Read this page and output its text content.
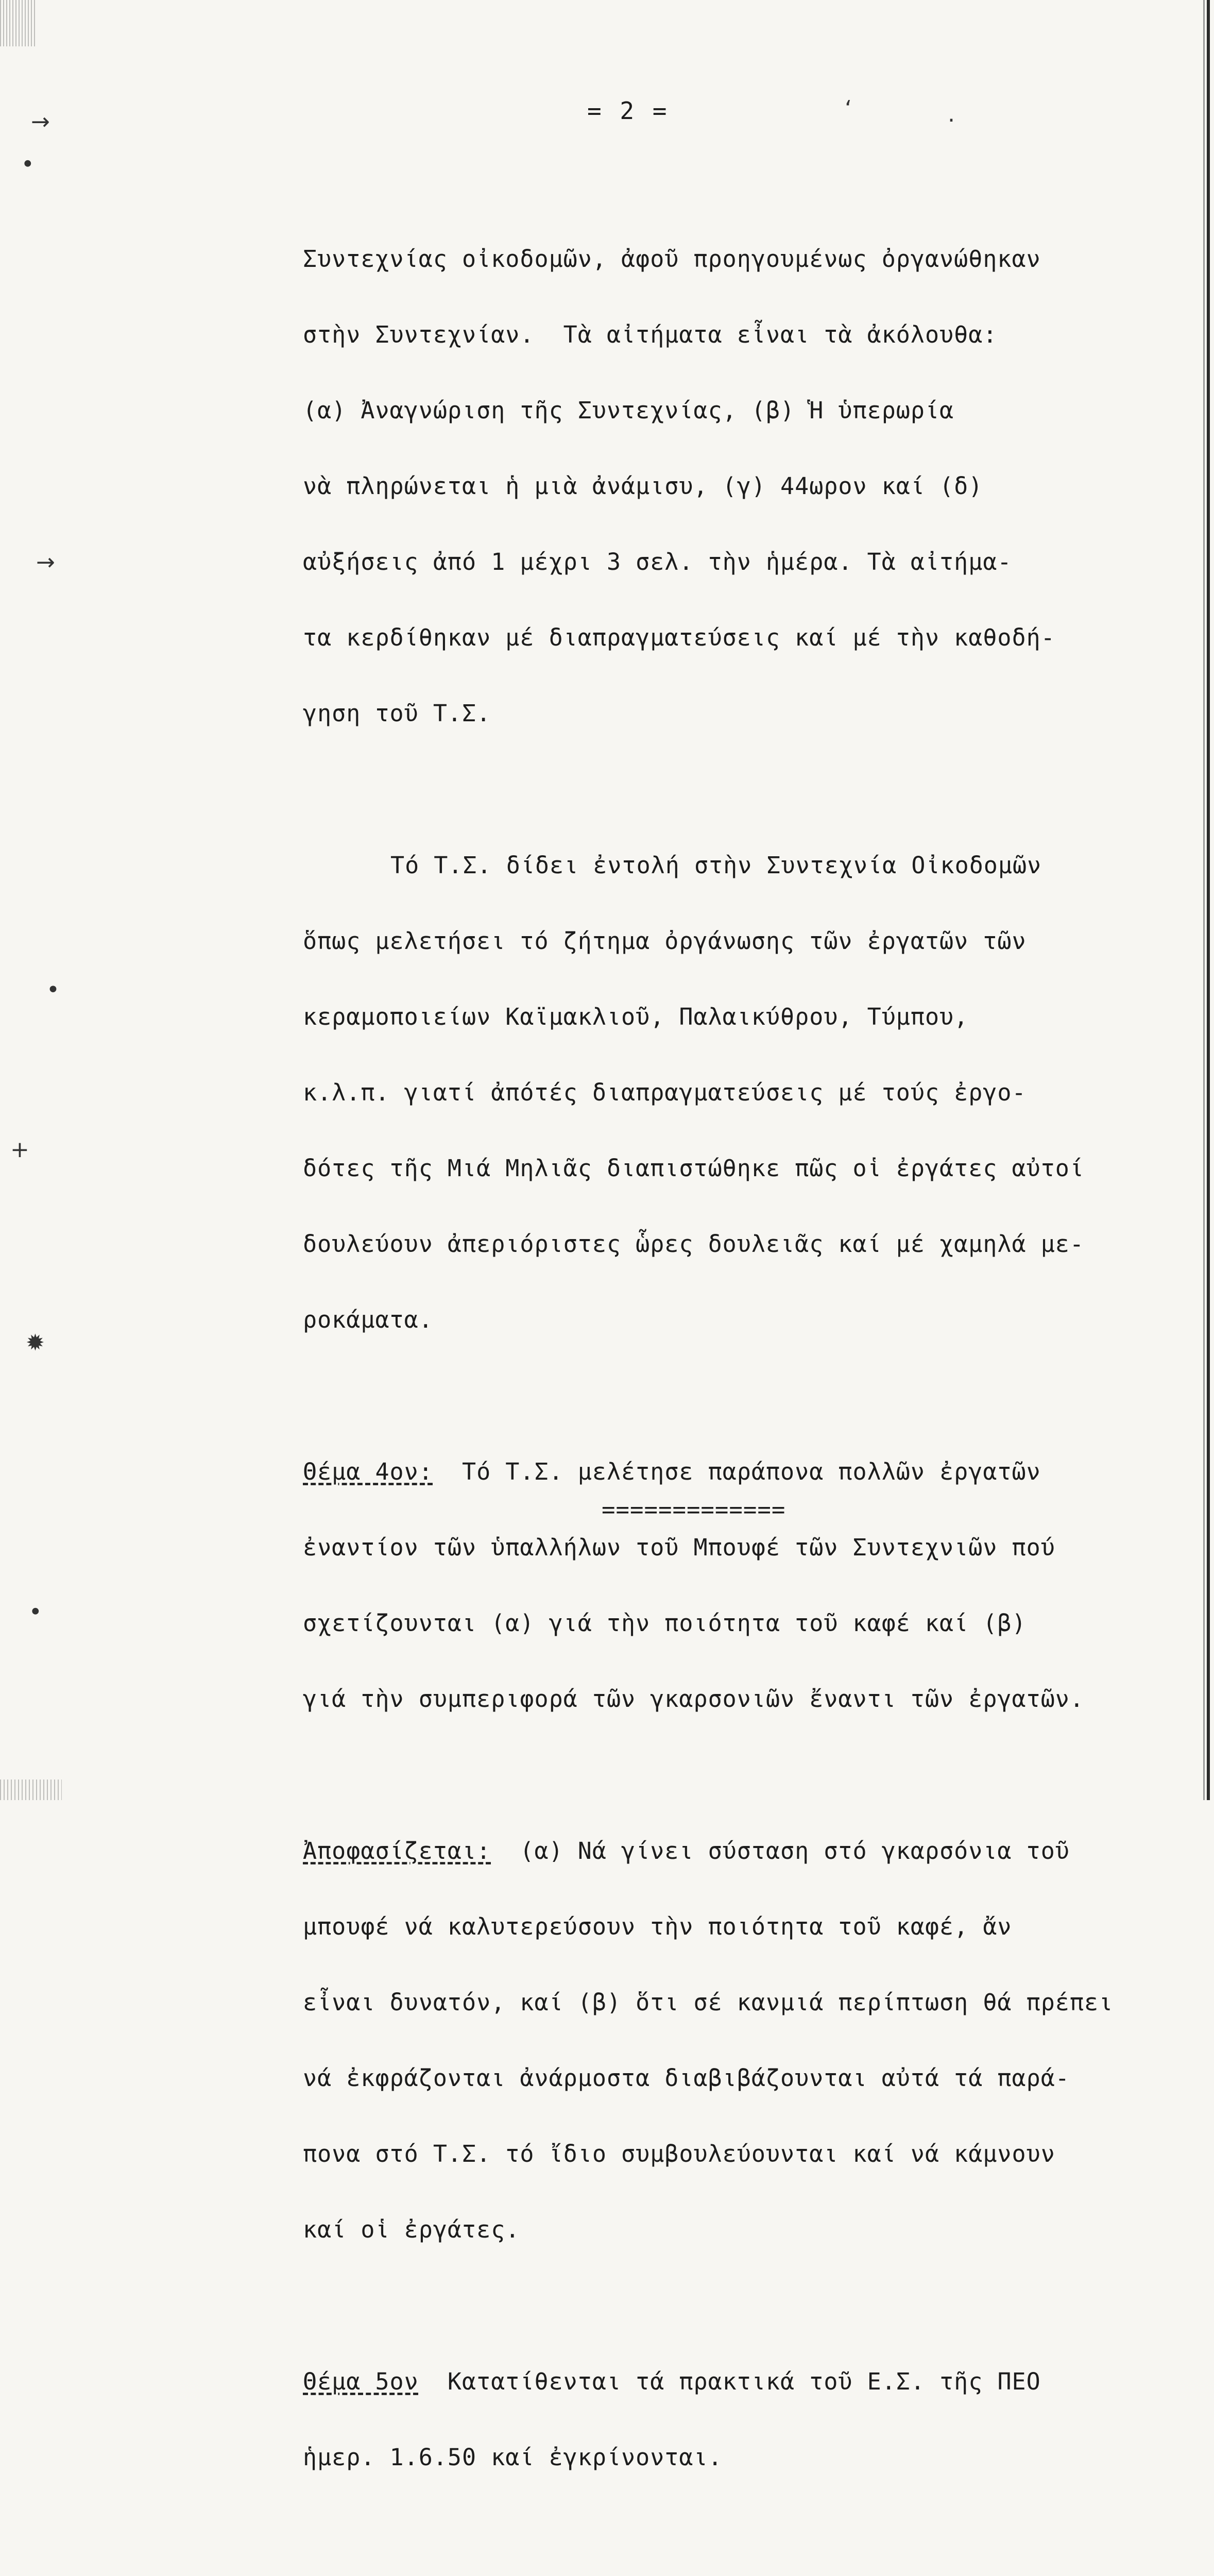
→
∙
→
•
+
✹
∙
‘	.
= 2 =

Συντεχνίας οἰκοδομῶν, ἀφοῦ προηγουμένως ὀργανώθηκαν

στὴν Συντεχνίαν.  Τὰ αἰτήματα εἶναι τὰ ἀκόλουθα:

(α) Ἀναγνώριση τῆς Συντεχνίας, (β) Ἡ ὑπερωρία

νὰ πληρώνεται ἡ μιὰ ἀνάμισυ, (γ) 44ωρον καί (δ)

αὐξήσεις ἀπό 1 μέχρι 3 σελ. τὴν ἡμέρα. Τὰ αἰτήμα-

τα κερδίθηκαν μέ διαπραγματεύσεις καί μέ τὴν καθοδή-

γηση τοῦ Τ.Σ.

Τό Τ.Σ. δίδει ἐντολή στὴν Συντεχνία Οἰκοδομῶν

ὅπως μελετήσει τό ζήτημα ὀργάνωσης τῶν ἐργατῶν τῶν

κεραμοποιείων Καϊμακλιοῦ, Παλαικύθρου, Τύμπου,

κ.λ.π. γιατί ἀπότές διαπραγματεύσεις μέ τούς ἐργο-

δότες τῆς Μιά Μηλιᾶς διαπιστώθηκε πῶς οἱ ἐργάτες αὐτοί

δουλεύουν ἀπεριόριστες ὧρες δουλειᾶς καί μέ χαμηλά με-

ροκάματα.

Θέμα 4ον:  Τό Τ.Σ. μελέτησε παράπονα πολλῶν ἐργατῶν

ἐναντίον τῶν ὑπαλλήλων τοῦ Μπουφέ τῶν Συντεχνιῶν πού

σχετίζουνται (α) γιά τὴν ποιότητα τοῦ καφέ καί (β)

γιά τὴν συμπεριφορά τῶν γκαρσονιῶν ἔναντι τῶν ἐργατῶν.

Ἀποφασίζεται:  (α) Νά γίνει σύσταση στό γκαρσόνια τοῦ

μπουφέ νά καλυτερεύσουν τὴν ποιότητα τοῦ καφέ, ἄν

εἶναι δυνατόν, καί (β) ὅτι σέ κανμιά περίπτωση θά πρέπει

νά ἐκφράζονται ἀνάρμοστα διαβιβάζουνται αὐτά τά παρά-

πονα στό Τ.Σ. τό ἴδιο συμβουλεύουνται καί νά κάμνουν

καί οἱ ἐργάτες.

Θέμα 5ον  Κατατίθενται τά πρακτικά τοῦ Ε.Σ. τῆς ΠΕΟ

ἡμερ. 1.6.50 καί ἐγκρίνονται.

=============
